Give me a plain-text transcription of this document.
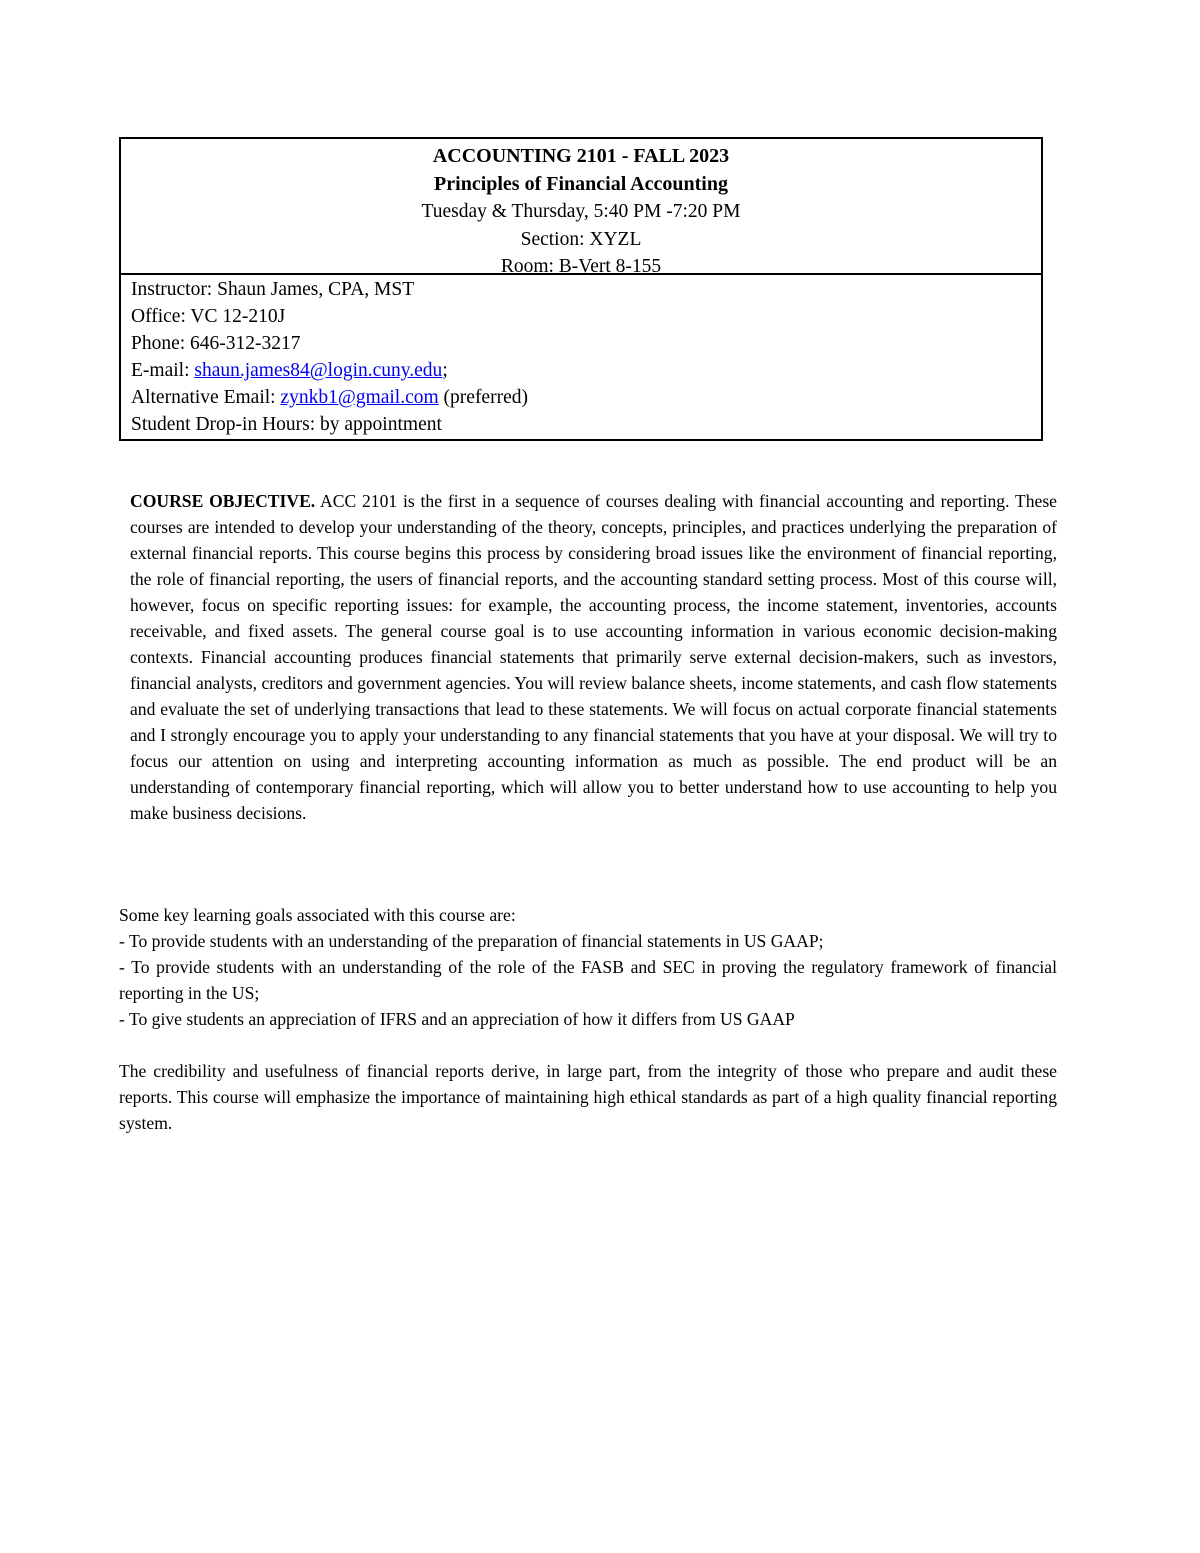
ACCOUNTING 2101 - FALL 2023
Principles of Financial Accounting
Tuesday & Thursday, 5:40 PM -7:20 PM
Section: XYZL
Room: B-Vert 8-155
Instructor: Shaun James, CPA, MST
Office: VC 12-210J
Phone: 646-312-3217
E-mail: shaun.james84@login.cuny.edu;
Alternative Email: zynkb1@gmail.com (preferred)
Student Drop-in Hours: by appointment
COURSE OBJECTIVE. ACC 2101 is the first in a sequence of courses dealing with financial accounting and reporting. These courses are intended to develop your understanding of the theory, concepts, principles, and practices underlying the preparation of external financial reports. This course begins this process by considering broad issues like the environment of financial reporting, the role of financial reporting, the users of financial reports, and the accounting standard setting process. Most of this course will, however, focus on specific reporting issues: for example, the accounting process, the income statement, inventories, accounts receivable, and fixed assets. The general course goal is to use accounting information in various economic decision-making contexts. Financial accounting produces financial statements that primarily serve external decision-makers, such as investors, financial analysts, creditors and government agencies. You will review balance sheets, income statements, and cash flow statements and evaluate the set of underlying transactions that lead to these statements. We will focus on actual corporate financial statements and I strongly encourage you to apply your understanding to any financial statements that you have at your disposal. We will try to focus our attention on using and interpreting accounting information as much as possible. The end product will be an understanding of contemporary financial reporting, which will allow you to better understand how to use accounting to help you make business decisions.

Some key learning goals associated with this course are:

- To provide students with an understanding of the preparation of financial statements in US GAAP;

- To provide students with an understanding of the role of the FASB and SEC in proving the regulatory framework of financial reporting in the US;

- To give students an appreciation of IFRS and an appreciation of how it differs from US GAAP

The credibility and usefulness of financial reports derive, in large part, from the integrity of those who prepare and audit these reports. This course will emphasize the importance of maintaining high ethical standards as part of a high quality financial reporting system.
